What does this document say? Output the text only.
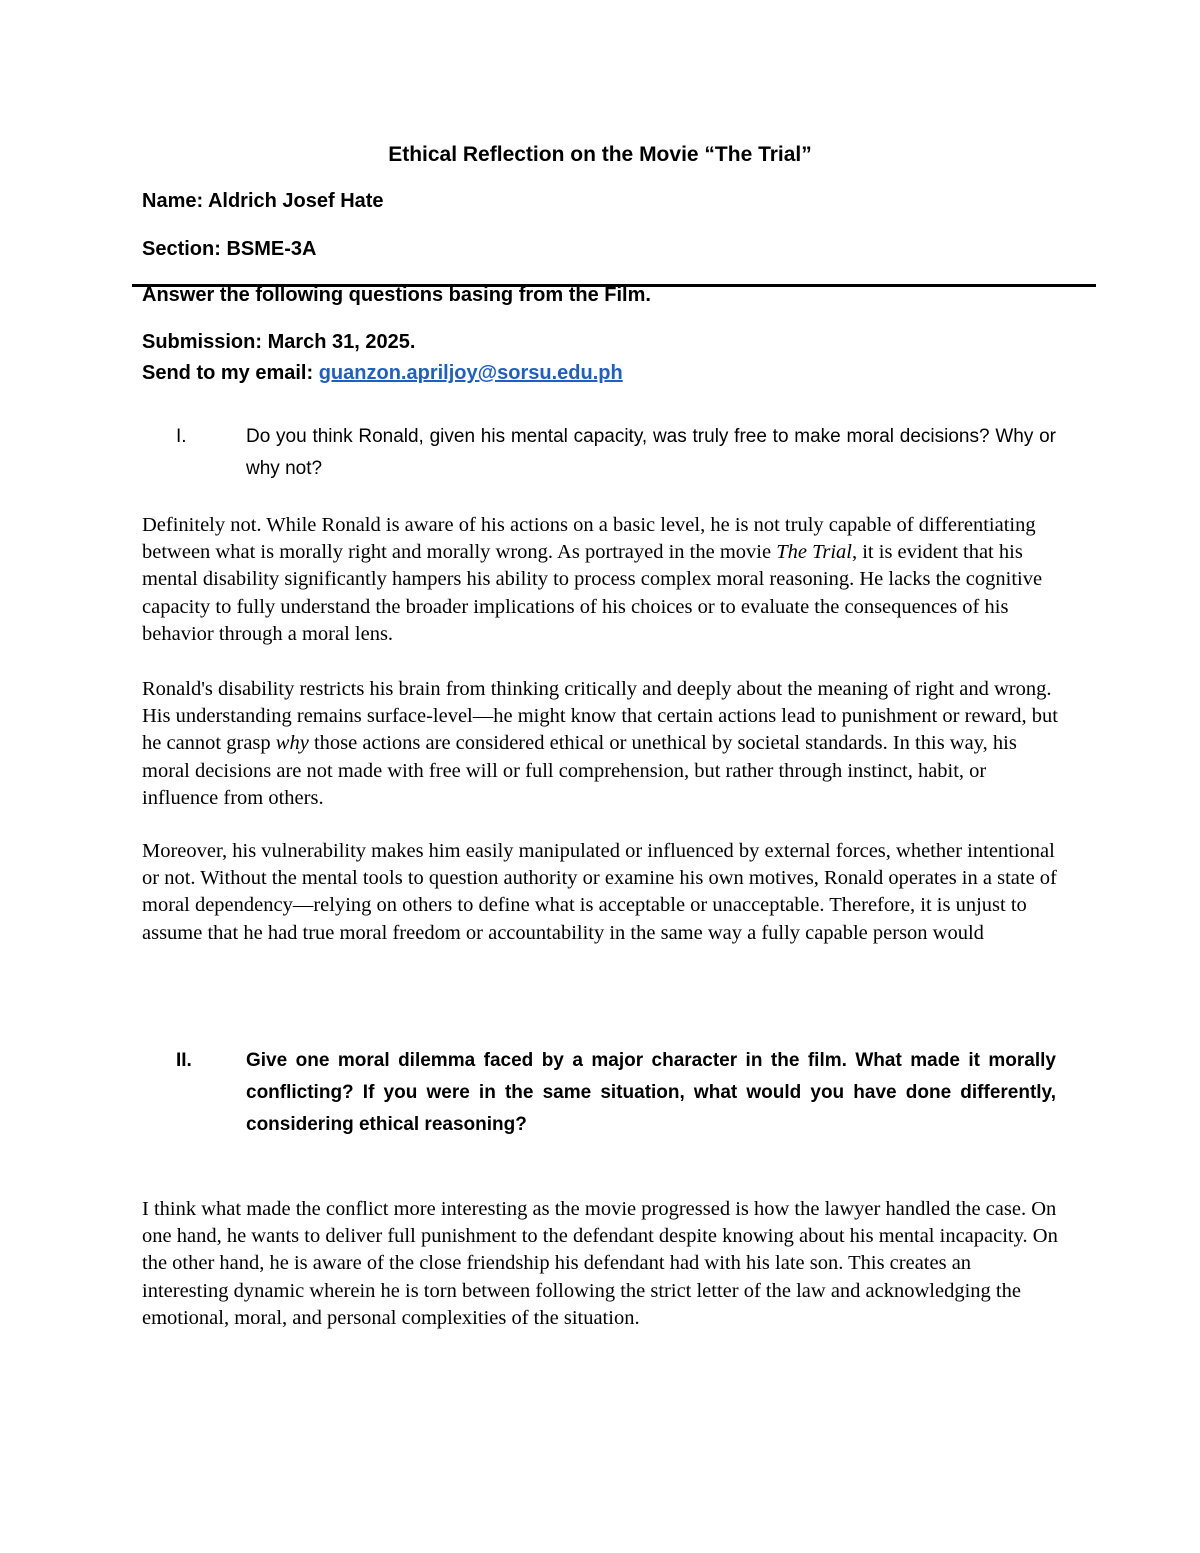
Ethical Reflection on the Movie “The Trial”
Name: Aldrich Josef Hate
Section: BSME-3A
Answer the following questions basing from the Film.
Submission: March 31, 2025.
Send to my email: guanzon.apriljoy@sorsu.edu.ph
I.	Do you think Ronald, given his mental capacity, was truly free to make moral decisions? Why or why not?

Definitely not. While Ronald is aware of his actions on a basic level, he is not truly capable of differentiating between what is morally right and morally wrong. As portrayed in the movie The Trial, it is evident that his mental disability significantly hampers his ability to process complex moral reasoning. He lacks the cognitive capacity to fully understand the broader implications of his choices or to evaluate the consequences of his behavior through a moral lens.

Ronald's disability restricts his brain from thinking critically and deeply about the meaning of right and wrong. His understanding remains surface-level—he might know that certain actions lead to punishment or reward, but he cannot grasp why those actions are considered ethical or unethical by societal standards. In this way, his moral decisions are not made with free will or full comprehension, but rather through instinct, habit, or influence from others.

Moreover, his vulnerability makes him easily manipulated or influenced by external forces, whether intentional or not. Without the mental tools to question authority or examine his own motives, Ronald operates in a state of moral dependency—relying on others to define what is acceptable or unacceptable. Therefore, it is unjust to assume that he had true moral freedom or accountability in the same way a fully capable person would

II.	Give one moral dilemma faced by a major character in the film. What made it morally conflicting? If you were in the same situation, what would you have done differently, considering ethical reasoning?

I think what made the conflict more interesting as the movie progressed is how the lawyer handled the case. On one hand, he wants to deliver full punishment to the defendant despite knowing about his mental incapacity. On the other hand, he is aware of the close friendship his defendant had with his late son. This creates an interesting dynamic wherein he is torn between following the strict letter of the law and acknowledging the emotional, moral, and personal complexities of the situation.
